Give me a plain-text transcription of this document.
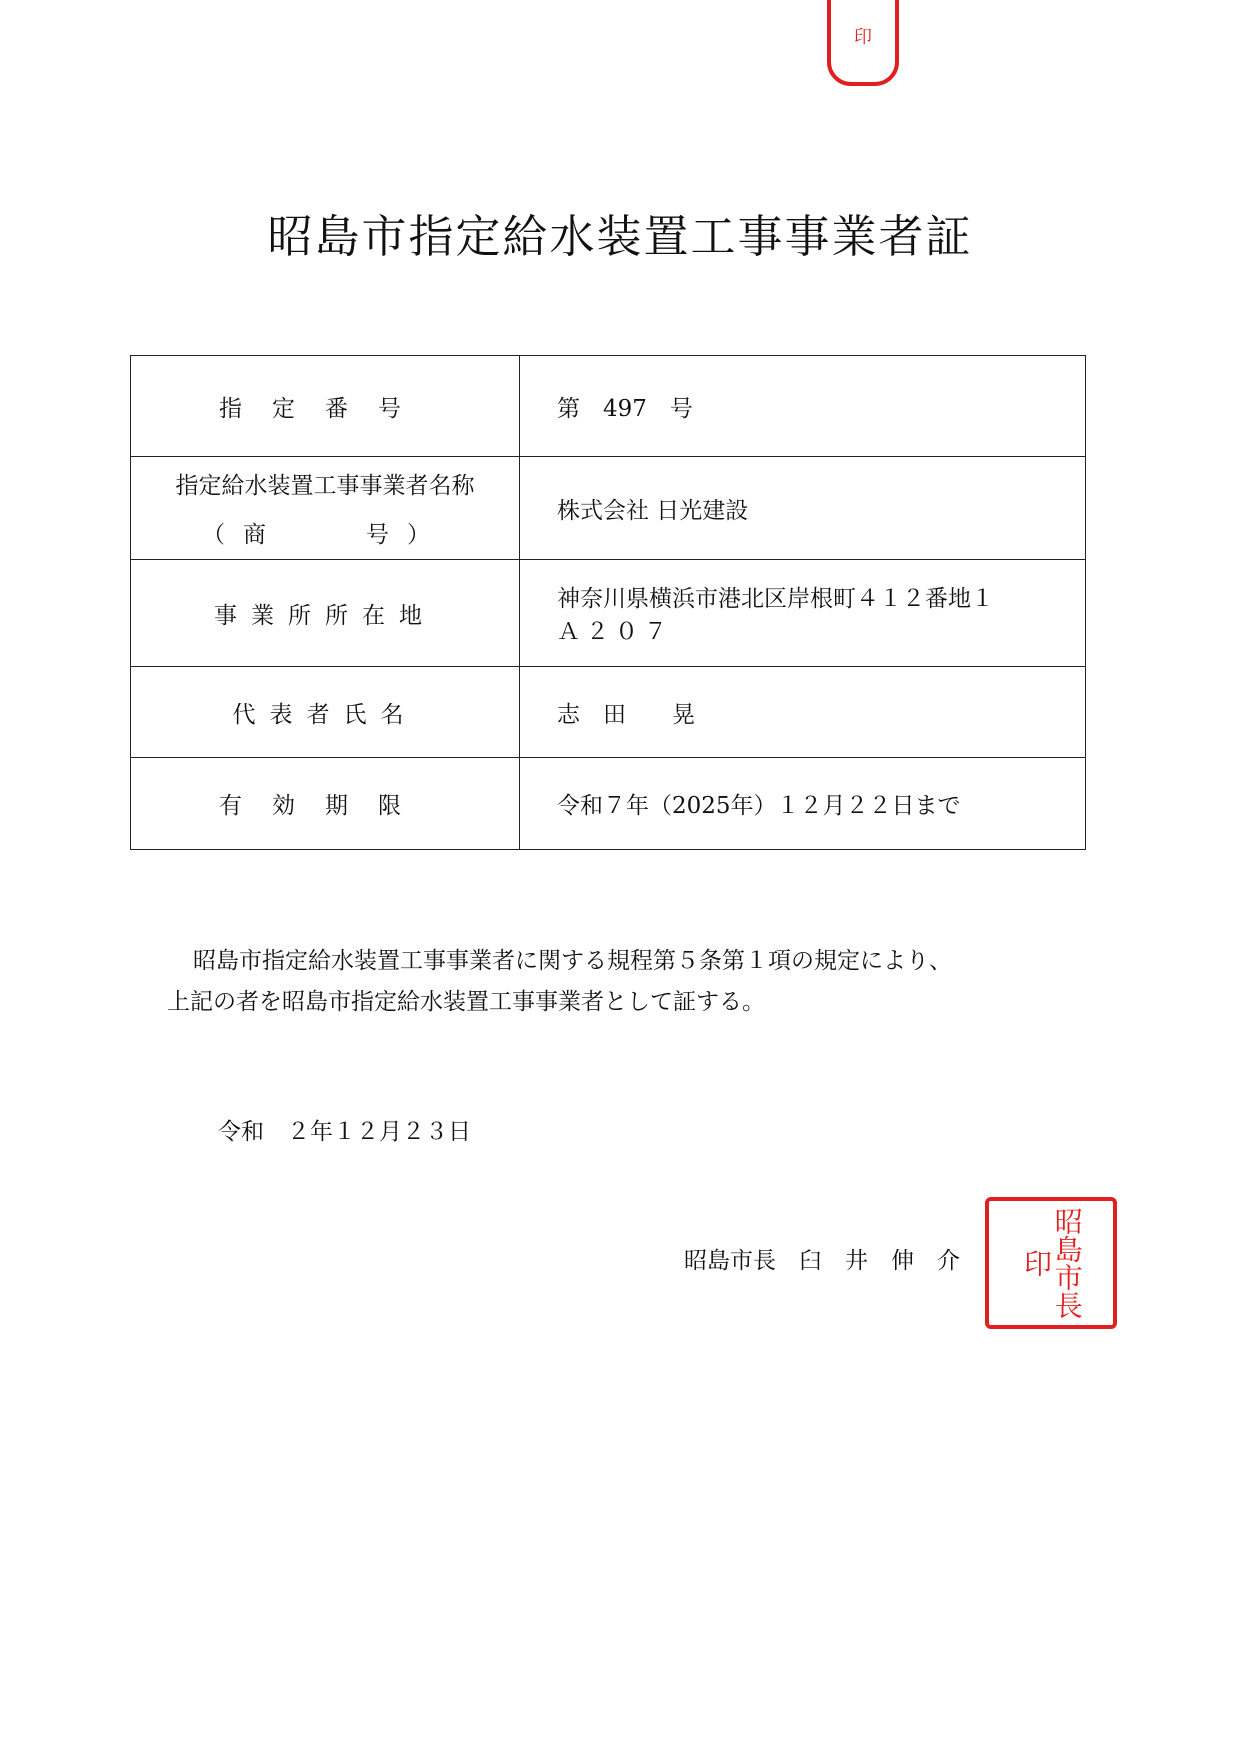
印
昭島市指定給水装置工事事業者証
指定番号	第　497　号

指定給水装置工事事業者名称
（商　　号）	株式会社 日光建設
事業所所在地	神奈川県横浜市港北区岸根町４１２番地１
Ａ２０７

代表者氏名	志　田　　晃
有効期限	令和７年（2025年）１２月２２日まで
昭島市指定給水装置工事事業者に関する規程第５条第１項の規定により、
上記の者を昭島市指定給水装置工事事業者として証する。
令和　２年１２月２３日
昭島市長　臼　井　伸　介	昭島市長印
